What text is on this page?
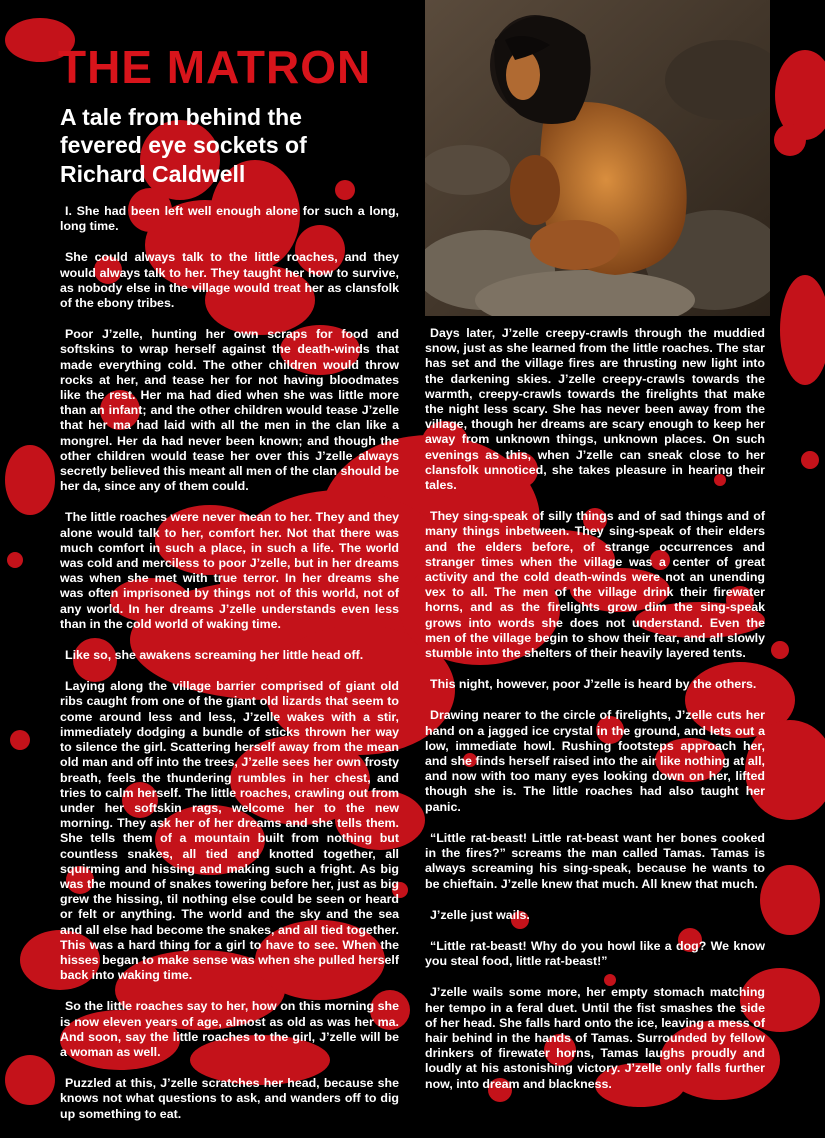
THE MATRON
A tale from behind the fevered eye sockets of Richard Caldwell

I. She had been left well enough alone for such a long, long time.

She could always talk to the little roaches, and they would always talk to her. They taught her how to survive, as nobody else in the village would treat her as clansfolk of the ebony tribes.

Poor J’zelle, hunting her own scraps for food and softskins to wrap herself against the death-winds that made everything cold. The other children would throw rocks at her, and tease her for not having bloodmates like the rest. Her ma had died when she was little more than an infant; and the other children would tease J’zelle that her ma had laid with all the men in the clan like a mongrel. Her da had never been known; and though the other children would tease her over this J’zelle always secretly believed this meant all men of the clan should be her da, since any of them could.

The little roaches were never mean to her. They and they alone would talk to her, comfort her. Not that there was much comfort in such a place, in such a life. The world was cold and merciless to poor J’zelle, but in her dreams was when she met with true terror. In her dreams she was often imprisoned by things not of this world, not of any world. In her dreams J’zelle understands even less than in the cold world of waking time.

Like so, she awakens screaming her little head off.

Laying along the village barrier comprised of giant old ribs caught from one of the giant old lizards that seem to come around less and less, J’zelle wakes with a stir, immediately dodging a bundle of sticks thrown her way to silence the girl. Scattering herself away from the mean old man and off into the trees, J’zelle sees her own frosty breath, feels the thundering rumbles in her chest, and tries to calm herself. The little roaches, crawling out from under her softskin rags, welcome her to the new morning. They ask her of her dreams and she tells them. She tells them of a mountain built from nothing but countless snakes, all tied and knotted together, all squirming and hissing and making such a fright. As big was the mound of snakes towering before her, just as big grew the hissing, til nothing else could be seen or heard or felt or anything. The world and the sky and the sea and all else had become the snakes, and all tied together. This was a hard thing for a girl to have to see. When the hisses began to make sense was when she pulled herself back into waking time.

So the little roaches say to her, how on this morning she is now eleven years of age, almost as old as was her ma. And soon, say the little roaches to the girl, J’zelle will be a woman as well.

Puzzled at this, J’zelle scratches her head, because she knows not what questions to ask, and wanders off to dig up something to eat.

Days later, J’zelle creepy-crawls through the muddied snow, just as she learned from the little roaches. The star has set and the village fires are thrusting new light into the darkening skies. J’zelle creepy-crawls towards the warmth, creepy-crawls towards the firelights that make the night less scary. She has never been away from the village, though her dreams are scary enough to keep her away from unknown things, unknown places. On such evenings as this, when J’zelle can sneak close to her clansfolk unnoticed, she takes pleasure in hearing their tales.

They sing-speak of silly things and of sad things and of many things inbetween. They sing-speak of their elders and the elders before, of strange occurrences and stranger times when the village was a center of great activity and the cold death-winds were not an unending vex to all. The men of the village drink their firewater horns, and as the firelights grow dim the sing-speak grows into words she does not understand. Even the men of the village begin to show their fear, and all slowly stumble into the shelters of their heavily layered tents.

This night, however, poor J’zelle is heard by the others.

Drawing nearer to the circle of firelights, J’zelle cuts her hand on a jagged ice crystal in the ground, and lets out a low, immediate howl. Rushing footsteps approach her, and she finds herself raised into the air like nothing at all, and now with too many eyes looking down on her, lifted though she is. The little roaches had also taught her panic.

“Little rat-beast! Little rat-beast want her bones cooked in the fires?” screams the man called Tamas. Tamas is always screaming his sing-speak, because he wants to be chieftain. J’zelle knew that much. All knew that much.

J’zelle just wails.

“Little rat-beast! Why do you howl like a dog? We know you steal food, little rat-beast!”

J’zelle wails some more, her empty stomach matching her tempo in a feral duet. Until the fist smashes the side of her head. She falls hard onto the ice, leaving a mess of hair behind in the hands of Tamas. Surrounded by fellow drinkers of firewater horns, Tamas laughs proudly and loudly at his astonishing victory. J’zelle only falls further now, into dream and blackness.
